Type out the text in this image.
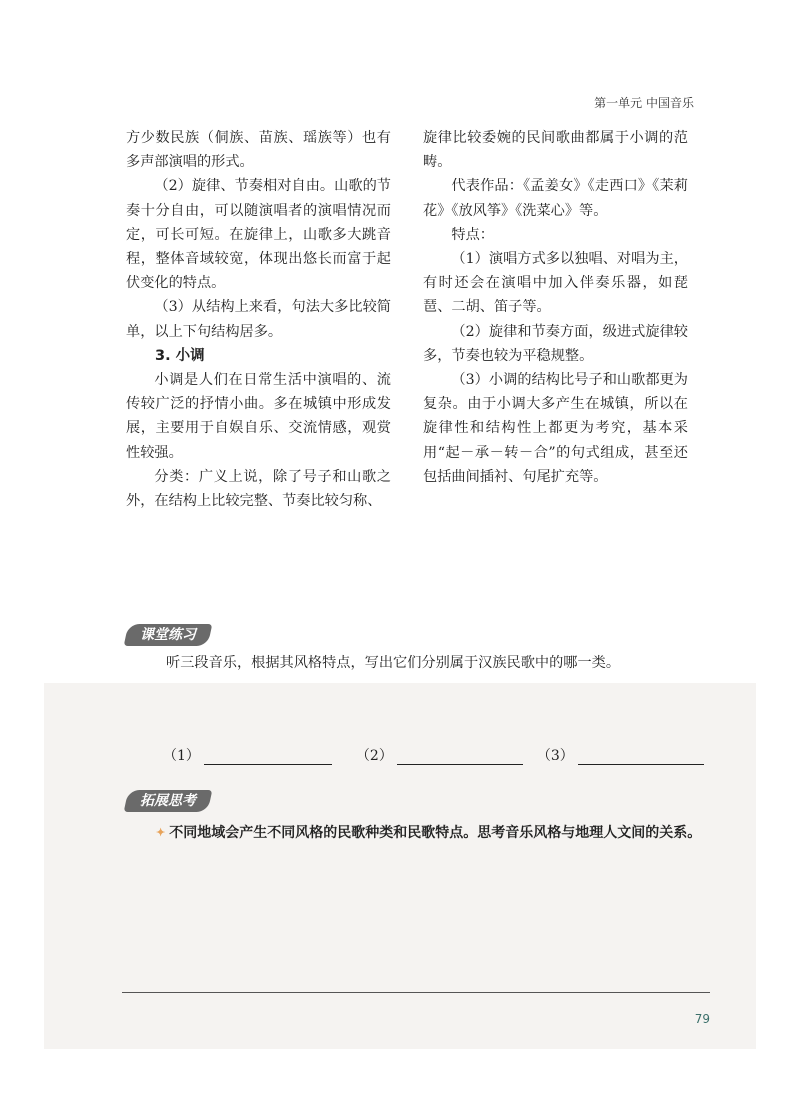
第一单元 中国音乐

方少数民族（侗族、苗族、瑶族等）也有多声部演唱的形式。

（2）旋律、节奏相对自由。山歌的节奏十分自由，可以随演唱者的演唱情况而定，可长可短。在旋律上，山歌多大跳音程，整体音域较宽，体现出悠长而富于起伏变化的特点。

（3）从结构上来看，句法大多比较简单，以上下句结构居多。

3. 小调

小调是人们在日常生活中演唱的、流传较广泛的抒情小曲。多在城镇中形成发展，主要用于自娱自乐、交流情感，观赏性较强。

分类：广义上说，除了号子和山歌之外，在结构上比较完整、节奏比较匀称、

旋律比较委婉的民间歌曲都属于小调的范畴。

代表作品：《孟姜女》《走西口》《茉莉花》《放风筝》《洗菜心》等。

特点：

（1）演唱方式多以独唱、对唱为主，有时还会在演唱中加入伴奏乐器，如琵琶、二胡、笛子等。

（2）旋律和节奏方面，级进式旋律较多，节奏也较为平稳规整。

（3）小调的结构比号子和山歌都更为复杂。由于小调大多产生在城镇，所以在旋律性和结构性上都更为考究，基本采用“起－承－转－合”的句式组成，甚至还包括曲间插衬、句尾扩充等。

课堂练习
听三段音乐，根据其风格特点，写出它们分别属于汉族民歌中的哪一类。
（1）	（2）	（3）
拓展思考
✦ 不同地域会产生不同风格的民歌种类和民歌特点。思考音乐风格与地理人文间的关系。
79
